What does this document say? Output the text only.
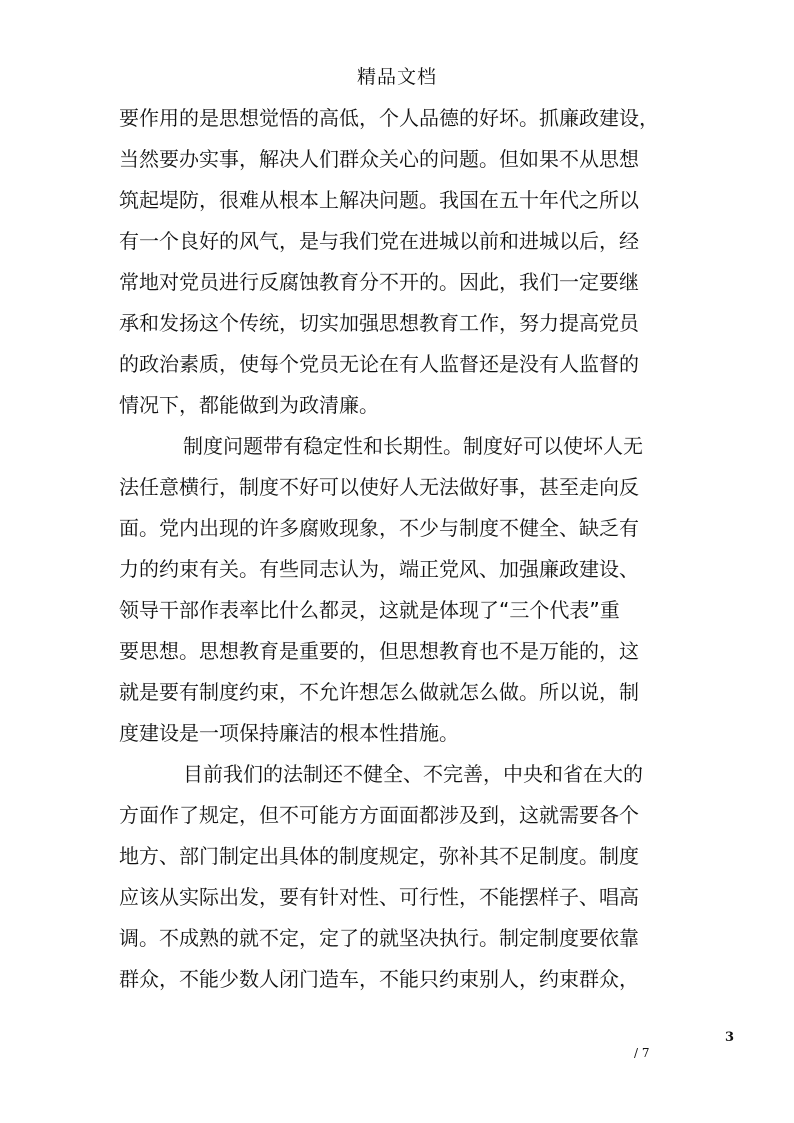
精品文档
要作用的是思想觉悟的高低，个人品德的好坏。抓廉政建设，
当然要办实事，解决人们群众关心的问题。但如果不从思想
筑起堤防，很难从根本上解决问题。我国在五十年代之所以
有一个良好的风气，是与我们党在进城以前和进城以后，经
常地对党员进行反腐蚀教育分不开的。因此，我们一定要继
承和发扬这个传统，切实加强思想教育工作，努力提高党员
的政治素质，使每个党员无论在有人监督还是没有人监督的
情况下，都能做到为政清廉。
制度问题带有稳定性和长期性。制度好可以使坏人无
法任意横行，制度不好可以使好人无法做好事，甚至走向反
面。党内出现的许多腐败现象，不少与制度不健全、缺乏有
力的约束有关。有些同志认为，端正党风、加强廉政建设、
领导干部作表率比什么都灵，这就是体现了“三个代表”重
要思想。思想教育是重要的，但思想教育也不是万能的，这
就是要有制度约束，不允许想怎么做就怎么做。所以说，制
度建设是一项保持廉洁的根本性措施。
目前我们的法制还不健全、不完善，中央和省在大的
方面作了规定，但不可能方方面面都涉及到，这就需要各个
地方、部门制定出具体的制度规定，弥补其不足制度。制度
应该从实际出发，要有针对性、可行性，不能摆样子、唱高
调。不成熟的就不定，定了的就坚决执行。制定制度要依靠
群众，不能少数人闭门造车，不能只约束别人，约束群众，
3
/ 7
